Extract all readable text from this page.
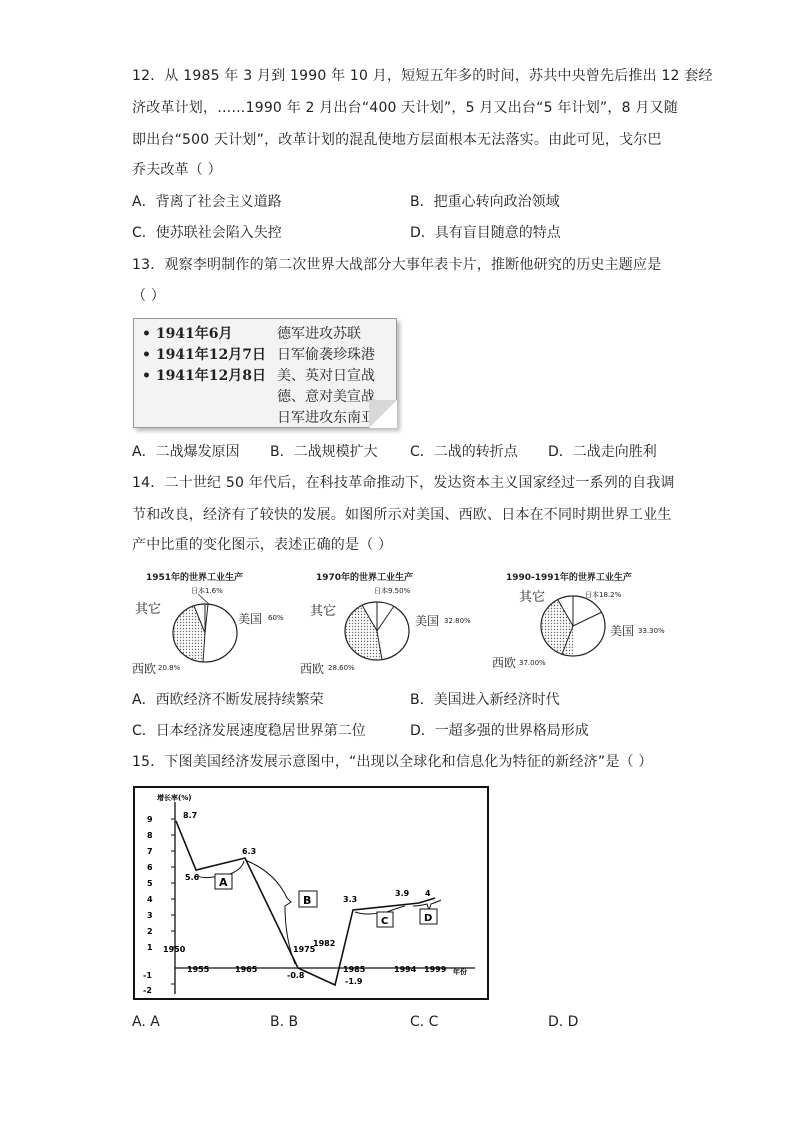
12．从 1985 年 3 月到 1990 年 10 月，短短五年多的时间，苏共中央曾先后推出 12 套经
济改革计划，……1990 年 2 月出台“400 天计划”，5 月又出台“5 年计划”，8 月又随
即出台“500 天计划”，改革计划的混乱使地方层面根本无法落实。由此可见，戈尔巴
乔夫改革（ ）
A．背离了社会主义道路	B．把重心转向政治领域
C．使苏联社会陷入失控	D．具有盲目随意的特点
13．观察李明制作的第二次世界大战部分大事年表卡片，推断他研究的历史主题应是
（ ）
• 1941年6月	德军进攻苏联
• 1941年12月7日 日军偷袭珍珠港
• 1941年12月8日 美、英对日宣战
德、意对美宣战
日军进攻东南亚
A．二战爆发原因 B．二战规模扩大 C．二战的转折点 D．二战走向胜利
14．二十世纪 50 年代后，在科技革命推动下，发达资本主义国家经过一系列的自我调
节和改良，经济有了较快的发展。如图所示对美国、西欧、日本在不同时期世界工业生
产中比重的变化图示，表述正确的是（ ）
1951年的世界工业生产
日本1.6%
其它
美国 60%
西欧 20.8%
1970年的世界工业生产
日本9.50%
其它
美国 32.80%
西欧 28.60%
1990-1991年的世界工业生产
日本18.2%
其它
美国 33.30%
西欧 37.00%
A．西欧经济不断发展持续繁荣	B．美国进入新经济时代
C．日本经济发展速度稳居世界第二位	D．一超多强的世界格局形成
15．下图美国经济发展示意图中，“出现以全球化和信息化为特征的新经济”是（ ）
增长率(%)
年份
9
8
7
6
5
4
3
2
1
-1
-2
1955	1965	1985	1994 1999
1950	1975
1982
8.7
5.6
6.3
-0.8
-1.9
3.3
3.9 4
A
B
C	D
A. A	B. B	C. C	D. D
